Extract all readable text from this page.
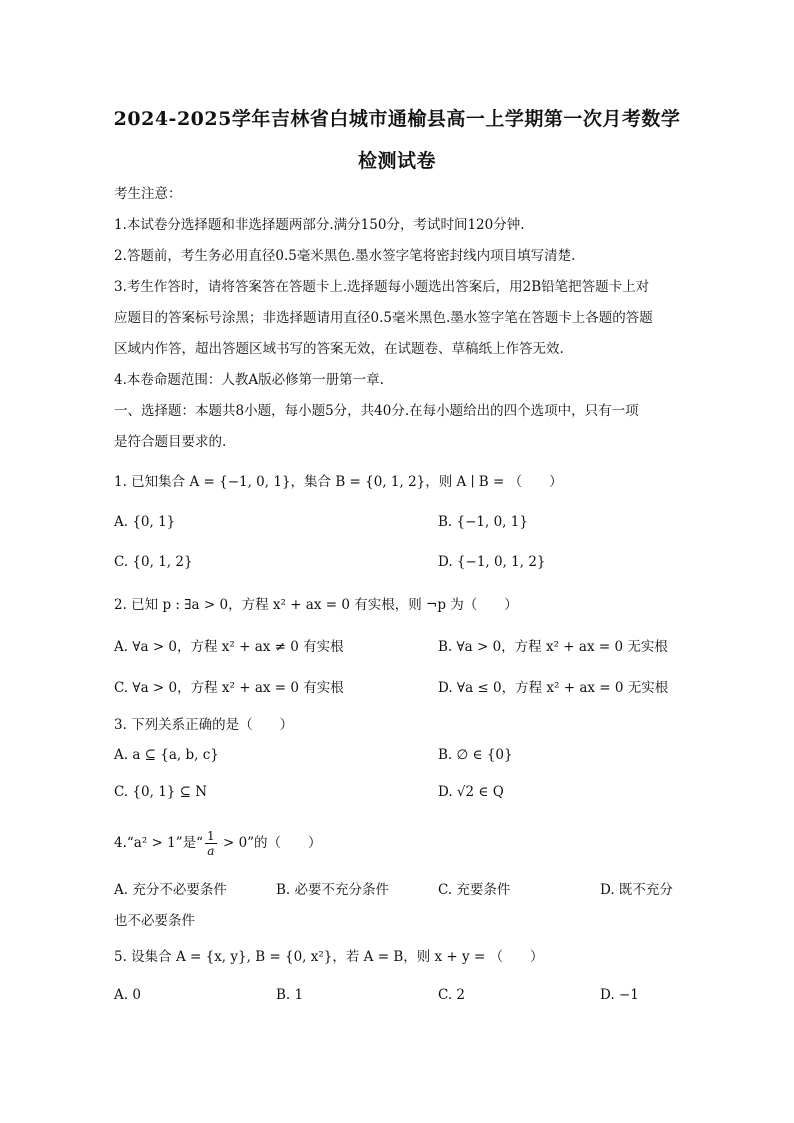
2024-2025学年吉林省白城市通榆县高一上学期第一次月考数学
检测试卷
考生注意：
1.本试卷分选择题和非选择题两部分.满分150分，考试时间120分钟.
2.答题前，考生务必用直径0.5毫米黑色.墨水签字笔将密封线内项目填写清楚.
3.考生作答时，请将答案答在答题卡上.选择题每小题选出答案后，用2B铅笔把答题卡上对
应题目的答案标号涂黑；非选择题请用直径0.5毫米黑色.墨水签字笔在答题卡上各题的答题
区域内作答，超出答题区域书写的答案无效，在试题卷、草稿纸上作答无效.
4.本卷命题范围：人教A版必修第一册第一章.
一、选择题：本题共8小题，每小题5分，共40分.在每小题给出的四个选项中，只有一项
是符合题目要求的.
1. 已知集合 A = {−1, 0, 1}，集合 B = {0, 1, 2}，则 A ∣ B = （　　）
A. {0, 1}	B. {−1, 0, 1}
C. {0, 1, 2}	D. {−1, 0, 1, 2}
2. 已知 p : ∃a > 0，方程 x² + ax = 0 有实根，则 ¬p 为（　　）
A. ∀a > 0，方程 x² + ax ≠ 0 有实根	B. ∀a > 0，方程 x² + ax = 0 无实根
C. ∀a > 0，方程 x² + ax = 0 有实根	D. ∀a ≤ 0，方程 x² + ax = 0 无实根
3. 下列关系正确的是（　　）
A. a ⊆ {a, b, c}	B. ∅ ∈ {0}
C. {0, 1} ⊆ N	D. √2 ∈ Q
4.“a² > 1”是“ $\frac{1}{a} > 0$”的（　　）
A. 充分不必要条件	B. 必要不充分条件	C. 充要条件	D. 既不充分
也不必要条件
5. 设集合 A = {x, y}, B = {0, x²}，若 A = B，则 x + y = （　　）
A. 0	B. 1	C. 2	D. −1
